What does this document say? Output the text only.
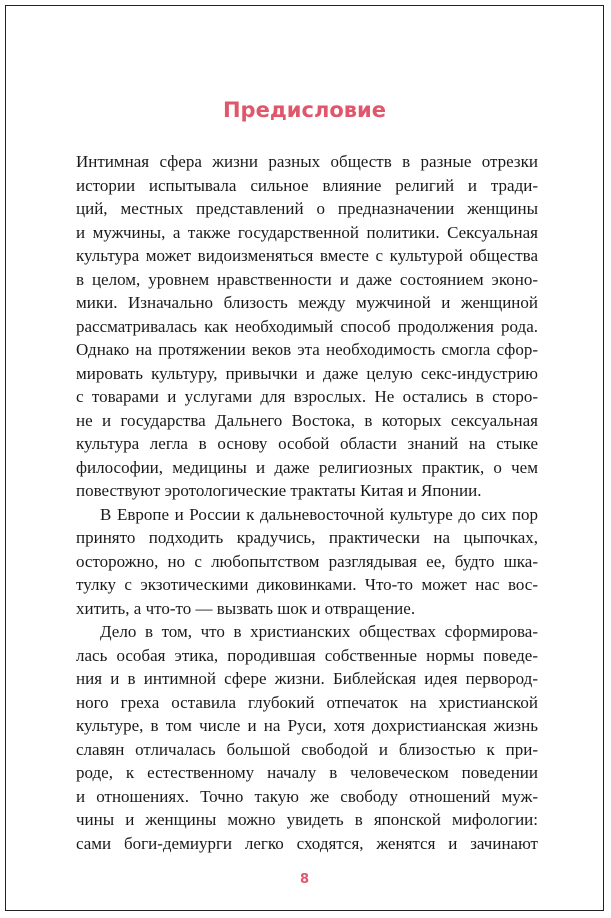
Предисловие

Интимная сфера жизни разных обществ в разные отрезки
истории испытывала сильное влияние религий и тради-
ций, местных представлений о предназначении женщины
и мужчины, а также государственной политики. Сексуальная
культура может видоизменяться вместе с культурой общества
в целом, уровнем нравственности и даже состоянием эконо-
мики. Изначально близость между мужчиной и женщиной
рассматривалась как необходимый способ продолжения рода.
Однако на протяжении веков эта необходимость смогла сфор-
мировать культуру, привычки и даже целую секс-индустрию
с товарами и услугами для взрослых. Не остались в сторо-
не и государства Дальнего Востока, в которых сексуальная
культура легла в основу особой области знаний на стыке
философии, медицины и даже религиозных практик, о чем
повествуют эротологические трактаты Китая и Японии.

В Европе и России к дальневосточной культуре до сих пор
принято подходить крадучись, практически на цыпочках,
осторожно, но с любопытством разглядывая ее, будто шка-
тулку с экзотическими диковинками. Что-то может нас вос-
хитить, а что-то — вызвать шок и отвращение.

Дело в том, что в христианских обществах сформирова-
лась особая этика, породившая собственные нормы поведе-
ния и в интимной сфере жизни. Библейская идея первород-
ного греха оставила глубокий отпечаток на христианской
культуре, в том числе и на Руси, хотя дохристианская жизнь
славян отличалась большой свободой и близостью к при-
роде, к естественному началу в человеческом поведении
и отношениях. Точно такую же свободу отношений муж-
чины и женщины можно увидеть в японской мифологии:
сами боги-демиурги легко сходятся, женятся и зачинают

8
